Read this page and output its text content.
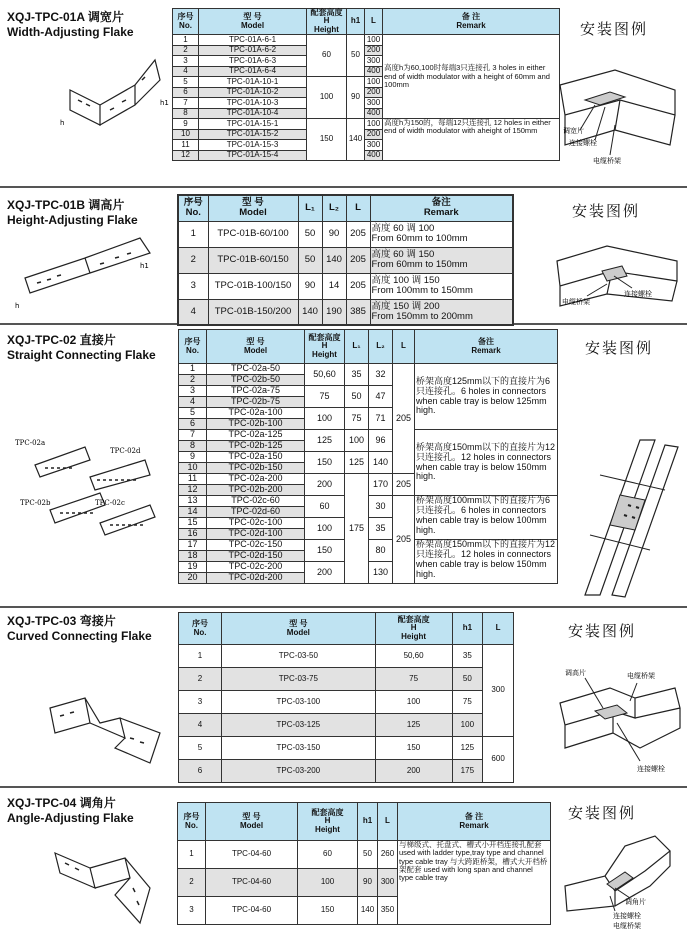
XQJ-TPC-01A 调宽片
Width-Adjusting Flake
h
h1
序号
No.	型 号
Model	配套高度
H
Height	h1	L	备 注
Remark
1	TPC-01A-6-1	60	50	100	高度h为60,100时每端3只连接孔 3 holes in either end of width modulator with a height of 60mm and 100mm
2	TPC-01A-6-2			200	
3	TPC-01A-6-3			300	
4	TPC-01A-6-4			400	
5	TPC-01A-10-1	100	90	100	
6	TPC-01A-10-2			200	
7	TPC-01A-10-3			300	
8	TPC-01A-10-4			400	
9	TPC-01A-15-1	150	140	100	高度h为150的，每端12只连接孔 12 holes in either end of width modulator with aheight of 150mm
10	TPC-01A-15-2			200	
11	TPC-01A-15-3			300	
12	TPC-01A-15-4			400	
安装图例
调宽片
连接螺栓
电缆桥架
XQJ-TPC-01B 调高片
Height-Adjusting Flake
h
h1
序号
No.	型 号
Model	L₁	L₂	L	备注
Remark
1	TPC-01B-60/100	50	90	205	高度 60 调 100
From 60mm to 100mm
2	TPC-01B-60/150	50	140	205	高度 60 调 150
From 60mm to 150mm
3	TPC-01B-100/150	90	14	205	高度 100 调 150
From 100mm to 150mm
4	TPC-01B-150/200	140	190	385	高度 150 调 200
From 150mm to 200mm
安装图例
连接螺栓
电缆桥架
XQJ-TPC-02 直接片
Straight Connecting Flake
TPC-02a
TPC-02d
TPC-02b	TPC-02c
序号
No.	型 号
Model	配套高度
H
Height	L₁	L₂	L	备注
Remark
1	TPC-02a-50	50,60	35	32	205	桥架高度125mm以下的直接片为6只连接孔。6 holes in connectors when cable tray is below 125mm high.
2	TPC-02b-50					
3	TPC-02a-75	75	50	47		
4	TPC-02b-75					
5	TPC-02a-100	100	75	71		
6	TPC-02b-100					
7	TPC-02a-125	125	100	96		桥架高度150mm以下的直接片为12只连接孔。12 holes in connectors when cable tray is below 150mm high.
8	TPC-02b-125					
9	TPC-02a-150	150	125	140		
10	TPC-02b-150					
11	TPC-02a-200	200	175	170	205	
12	TPC-02b-200					
13	TPC-02c-60	60		30	205	桥架高度100mm以下的直接片为6只连接孔。6 holes in connectors when cable tray is below 100mm high.
14	TPC-02d-60					
15	TPC-02c-100	100		35		
16	TPC-02d-100					
17	TPC-02c-150	150		80		桥架高度150mm以下的直接片为12只连接孔。12 holes in connectors when cable tray is below 150mm high.
18	TPC-02d-150					
19	TPC-02c-200	200		130		
20	TPC-02d-200					
安装图例
XQJ-TPC-03 弯接片
Curved Connecting Flake
序号
No.	型 号
Model	配套高度
H
Height	h1	L
1	TPC-03-50	50,60	35	300
2	TPC-03-75	75	50	
3	TPC-03-100	100	75	
4	TPC-03-125	125	100	
5	TPC-03-150	150	125	600
6	TPC-03-200	200	175	
安装图例
调高片	电缆桥架
连接螺栓
XQJ-TPC-04 调角片
Angle-Adjusting Flake	序号
No.	型 号
Model	配套高度
H
Height	h1	L	备 注
Remark
1	TPC-04-60	60	50	260	与梯级式、托盘式、槽式小开档连接孔配套 used with ladder type,tray type and channel type cable tray 与大跨距桥架，槽式大开档桥架配套 used with long span and channel type cable tray
2	TPC-04-60	100	90	300	
3	TPC-04-60	150	140	350	
安装图例
调角片
连接螺栓
电缆桥架
